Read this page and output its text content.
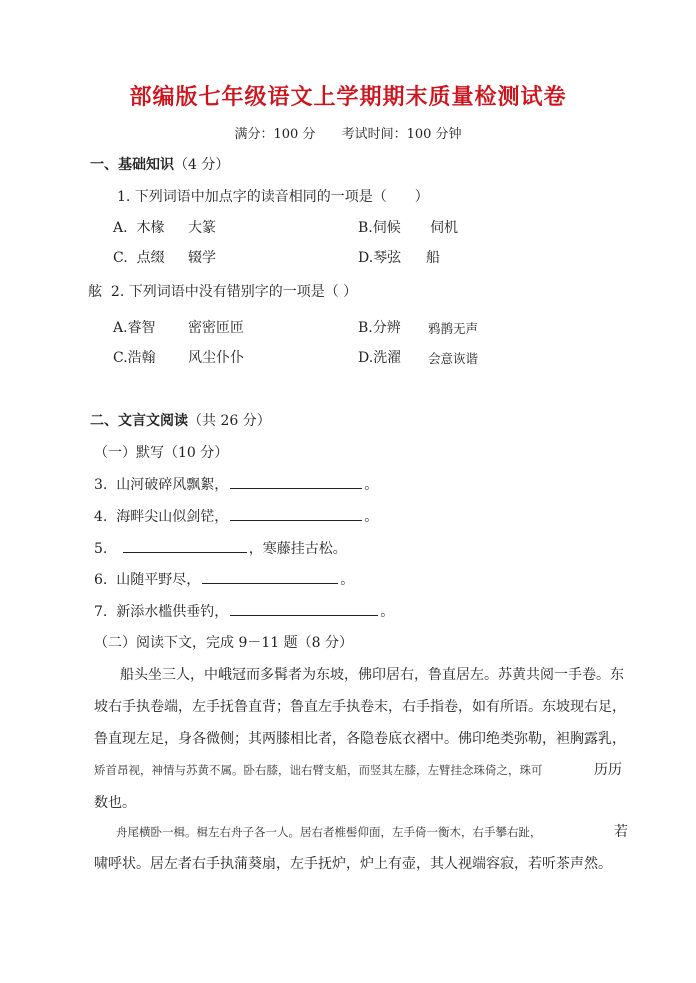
部编版七年级语文上学期期末质量检测试卷
满分：100 分 考试时间：100 分钟
一、基础知识（4 分）
1. 下列词语中加点字的读音相同的一项是（　　）
A. 木椽 大篆	B.伺候 伺机
C. 点缀 辍学	D.琴弦 船
舷 2. 下列词语中没有错别字的一项是（ ）
A.睿智 密密匝匝	B.分辨 鸦鹊无声
C.浩翰 风尘仆仆	D.洗濯 会意诙谐
二、文言文阅读（共 26 分）
（一）默写（10 分）
3. 山河破碎风飘絮，	。
4. 海畔尖山似剑铓，	。
5.	，寒藤挂古松。
6. 山随平野尽，	。
7. 新添水槛供垂钓，	。
（二）阅读下文，完成 9－11 题（8 分）
船头坐三人，中峨冠而多髯者为东坡，佛印居右，鲁直居左。苏黄共阅一手卷。东
坡右手执卷端，左手抚鲁直背；鲁直左手执卷末，右手指卷，如有所语。东坡现右足，
鲁直现左足，身各微侧；其两膝相比者，各隐卷底衣褶中。佛印绝类弥勒，袒胸露乳，
矫首昂视，神情与苏黄不属。卧右膝，诎右臂支船，而竖其左膝，左臂挂念珠倚之，珠可	历历
数也。
舟尾横卧一楫。楫左右舟子各一人。居右者椎髻仰面，左手倚一衡木，右手攀右趾，	若
啸呼状。居左者右手执蒲葵扇，左手抚炉，炉上有壶，其人视端容寂，若听茶声然。
